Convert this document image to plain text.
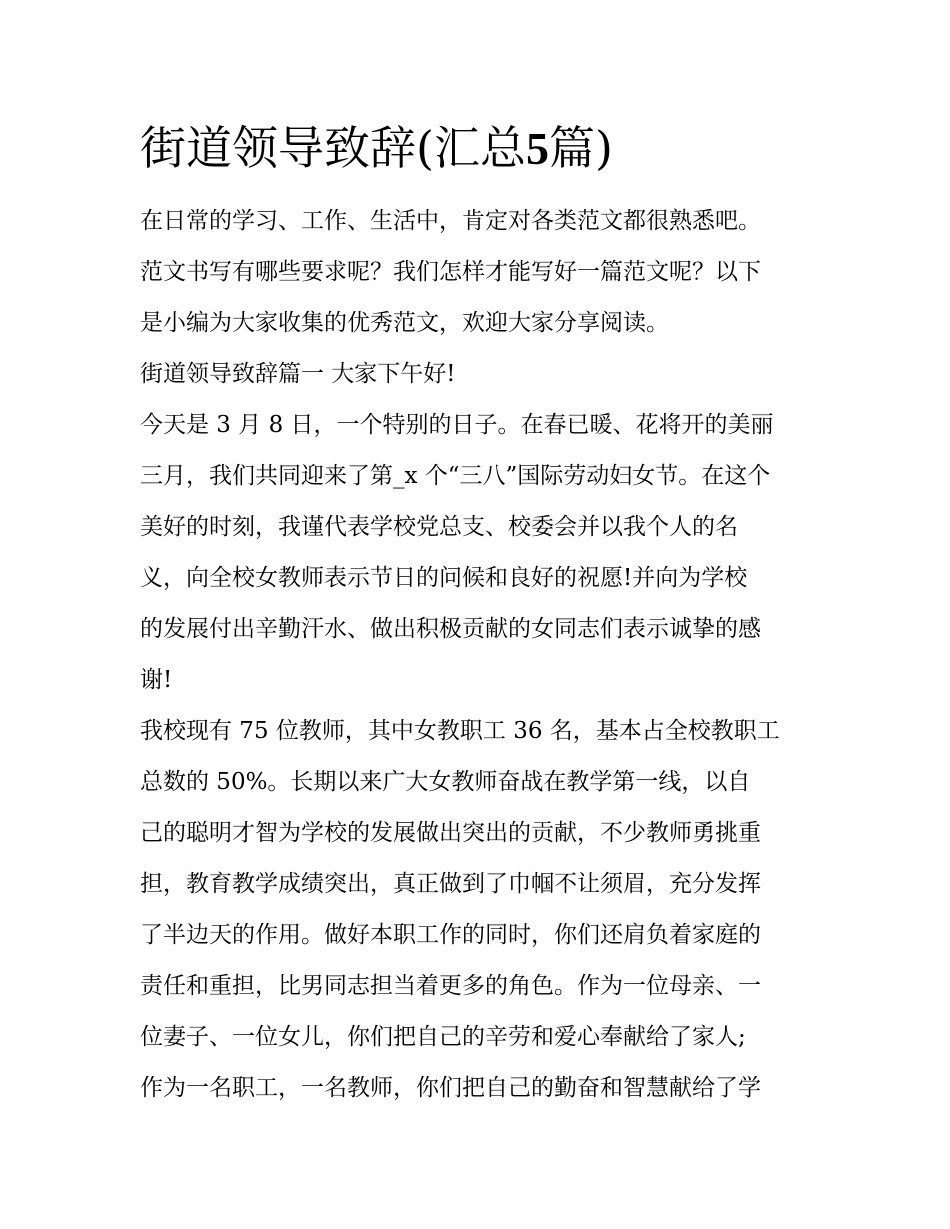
街道领导致辞(汇总5篇)
在日常的学习、工作、生活中，肯定对各类范文都很熟悉吧。
范文书写有哪些要求呢？我们怎样才能写好一篇范文呢？以下
是小编为大家收集的优秀范文，欢迎大家分享阅读。
街道领导致辞篇一 大家下午好!
今天是 3 月 8 日，一个特别的日子。在春已暖、花将开的美丽
三月，我们共同迎来了第_x 个“三八”国际劳动妇女节。在这个
美好的时刻，我谨代表学校党总支、校委会并以我个人的名
义，向全校女教师表示节日的问候和良好的祝愿!并向为学校
的发展付出辛勤汗水、做出积极贡献的女同志们表示诚挚的感
谢!
我校现有 75 位教师，其中女教职工 36 名，基本占全校教职工
总数的 50%。长期以来广大女教师奋战在教学第一线，以自
己的聪明才智为学校的发展做出突出的贡献，不少教师勇挑重
担，教育教学成绩突出，真正做到了巾帼不让须眉，充分发挥
了半边天的作用。做好本职工作的同时，你们还肩负着家庭的
责任和重担，比男同志担当着更多的角色。作为一位母亲、一
位妻子、一位女儿，你们把自己的辛劳和爱心奉献给了家人;
作为一名职工，一名教师，你们把自己的勤奋和智慧献给了学
